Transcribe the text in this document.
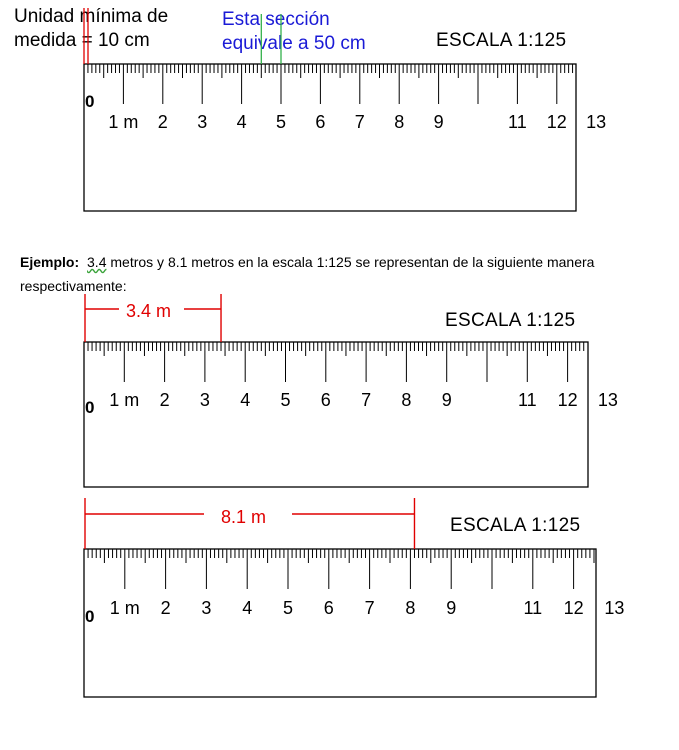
Unidad mínima de
medida = 10 cm
Esta sección
equivale a 50 cm	ESCALA 1:125
0
1 m 2 3 4 5 6 7 8 9	11 12 13
Ejemplo: 3.4 metros y 8.1 metros en la escala 1:125 se representan de la siguiente manera
respectivamente:
3.4 m	ESCALA 1:125
0 1 m 2 3 4 5 6 7 8 9	11 12 13
8.1 m	ESCALA 1:125
0 1 m 2 3 4 5 6 7 8 9	11 12 13
